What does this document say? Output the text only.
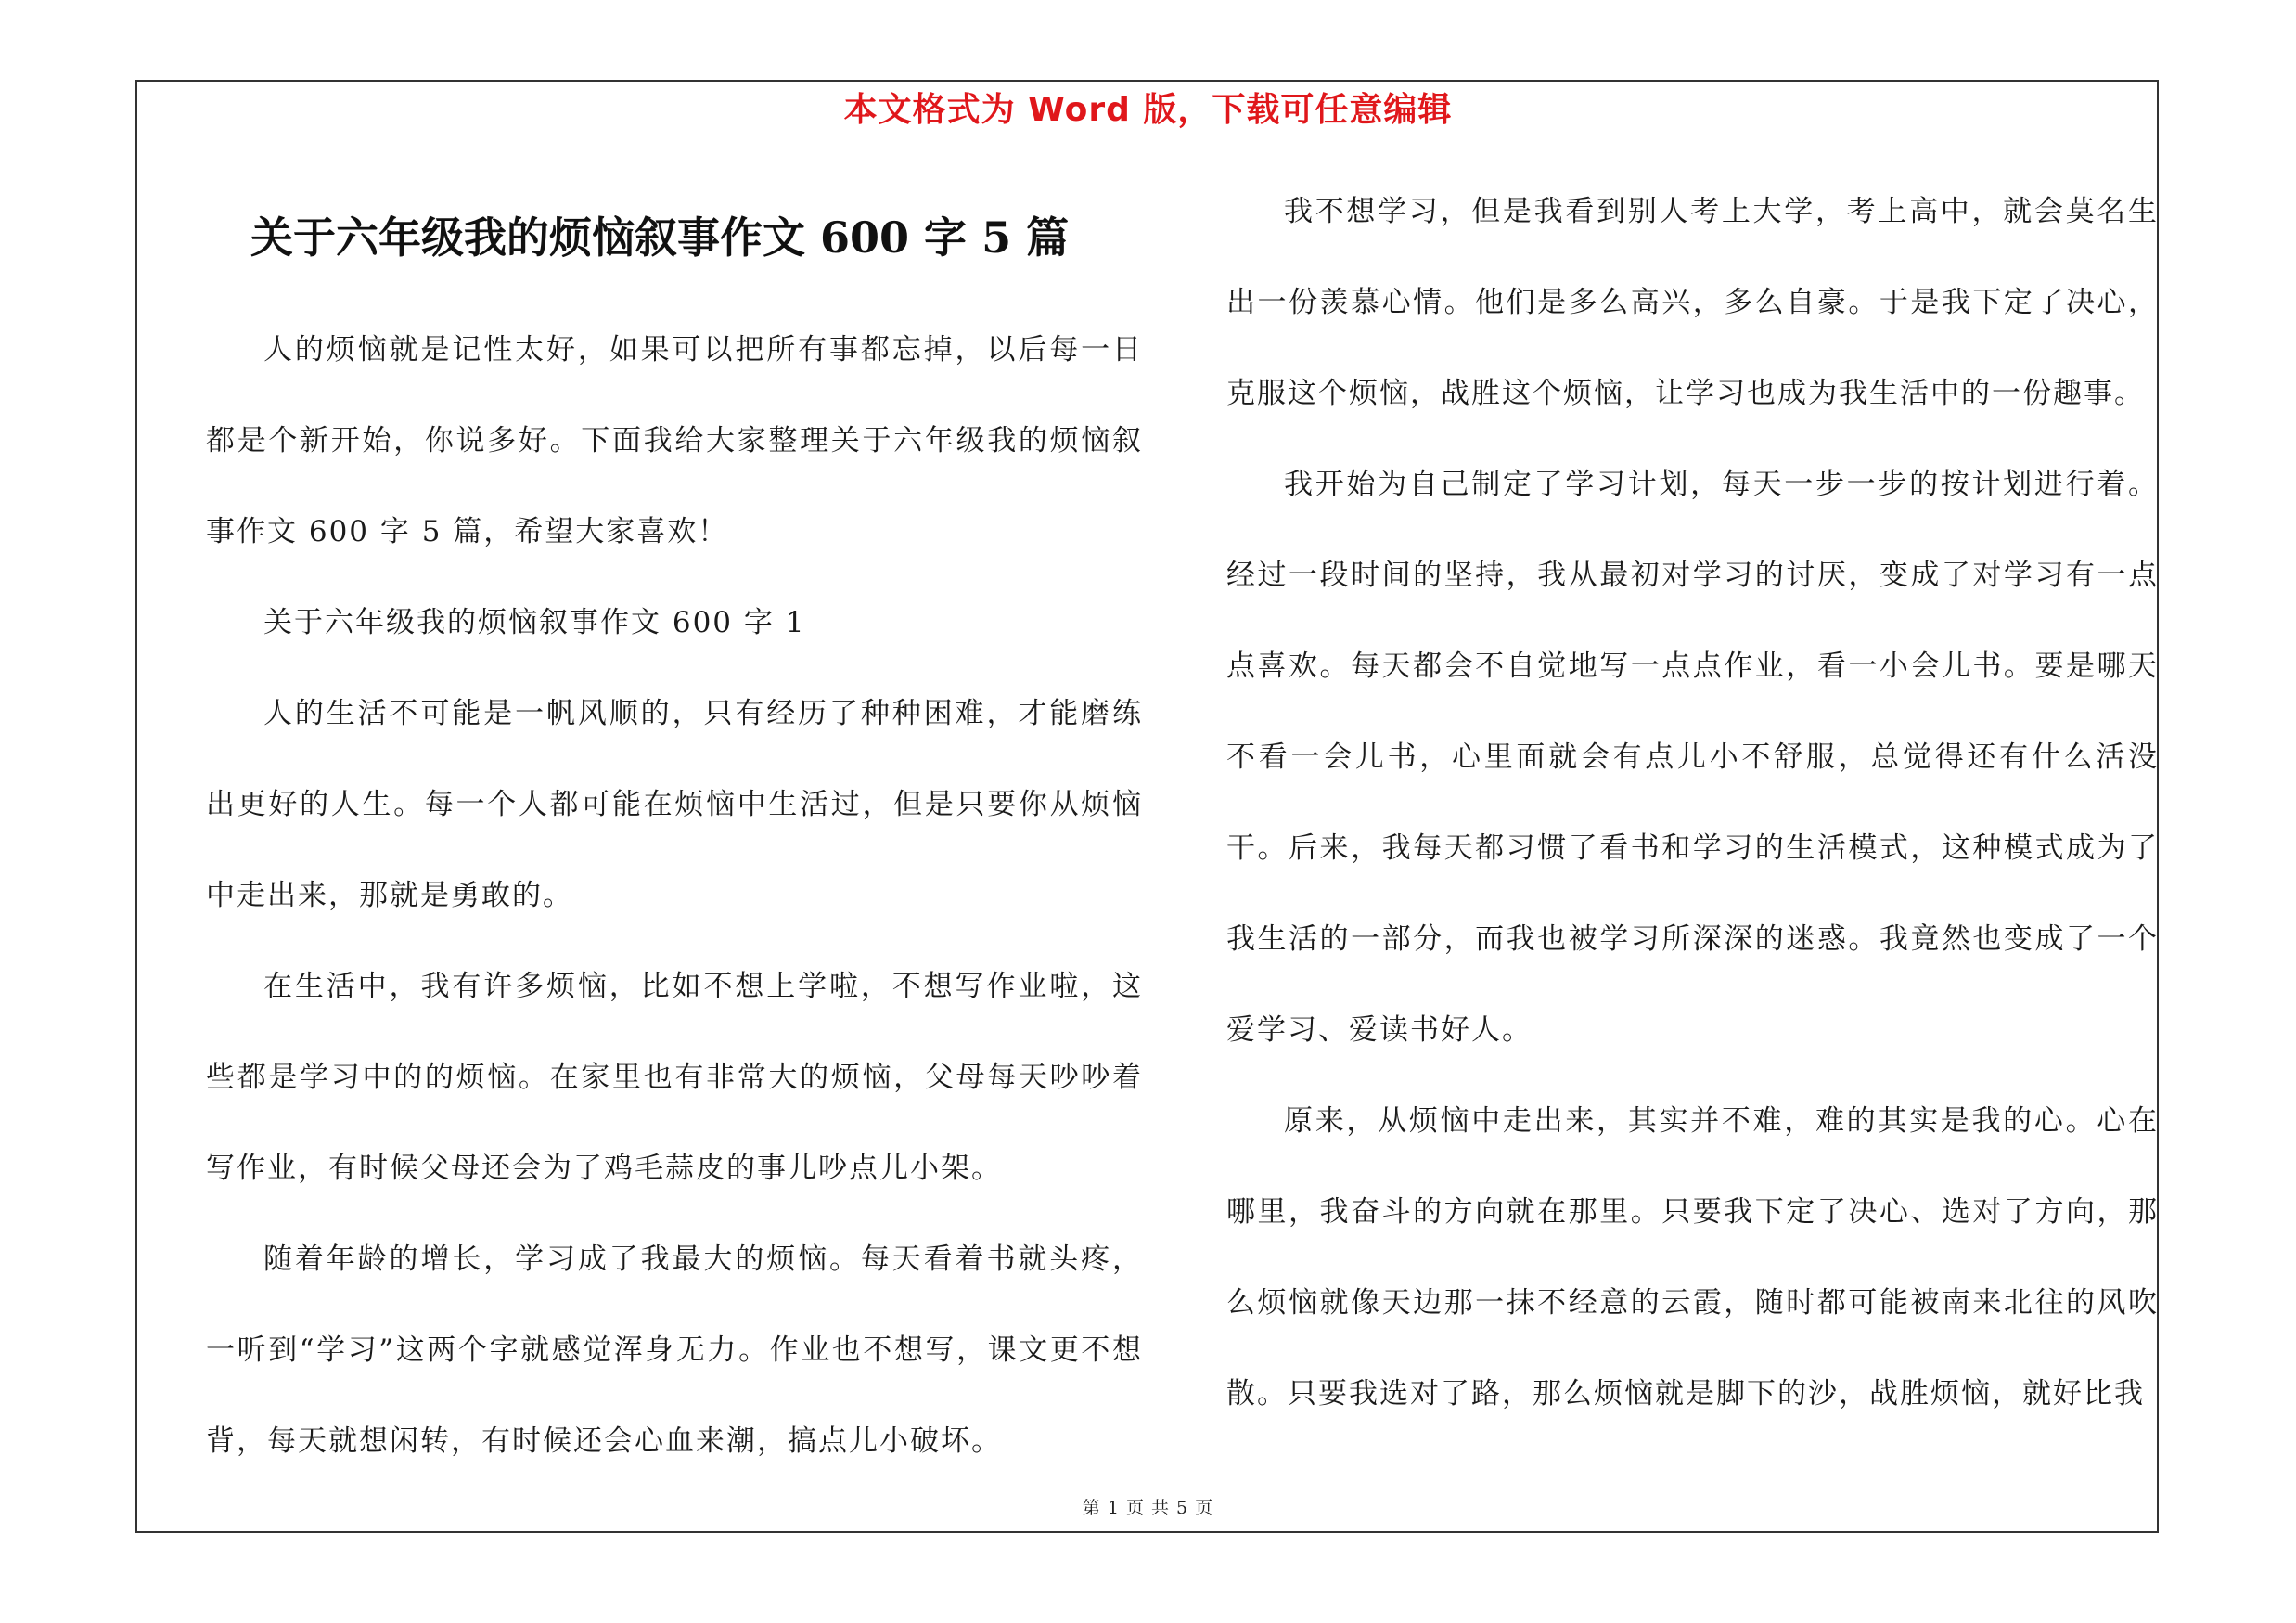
本文格式为 Word 版，下载可任意编辑
关于六年级我的烦恼叙事作文 600 字 5 篇

人的烦恼就是记性太好，如果可以把所有事都忘掉，以后每一日都是个新开始，你说多好。下面我给大家整理关于六年级我的烦恼叙事作文 600 字 5 篇，希望大家喜欢！

关于六年级我的烦恼叙事作文 600 字 1

人的生活不可能是一帆风顺的，只有经历了种种困难，才能磨练出更好的人生。每一个人都可能在烦恼中生活过，但是只要你从烦恼中走出来，那就是勇敢的。

在生活中，我有许多烦恼，比如不想上学啦，不想写作业啦，这些都是学习中的的烦恼。在家里也有非常大的烦恼，父母每天吵吵着写作业，有时候父母还会为了鸡毛蒜皮的事儿吵点儿小架。

随着年龄的增长，学习成了我最大的烦恼。每天看着书就头疼，一听到“学习”这两个字就感觉浑身无力。作业也不想写，课文更不想背，每天就想闲转，有时候还会心血来潮，搞点儿小破坏。

我不想学习，但是我看到别人考上大学，考上高中，就会莫名生出一份羡慕心情。他们是多么高兴，多么自豪。于是我下定了决心，克服这个烦恼，战胜这个烦恼，让学习也成为我生活中的一份趣事。

我开始为自己制定了学习计划，每天一步一步的按计划进行着。经过一段时间的坚持，我从最初对学习的讨厌，变成了对学习有一点点喜欢。每天都会不自觉地写一点点作业，看一小会儿书。要是哪天不看一会儿书，心里面就会有点儿小不舒服，总觉得还有什么活没干。后来，我每天都习惯了看书和学习的生活模式，这种模式成为了我生活的一部分，而我也被学习所深深的迷惑。我竟然也变成了一个爱学习、爱读书好人。

原来，从烦恼中走出来，其实并不难，难的其实是我的心。心在哪里，我奋斗的方向就在那里。只要我下定了决心、选对了方向，那么烦恼就像天边那一抹不经意的云霞，随时都可能被南来北往的风吹散。只要我选对了路，那么烦恼就是脚下的沙，战胜烦恼，就好比我

第 1 页 共 5 页
